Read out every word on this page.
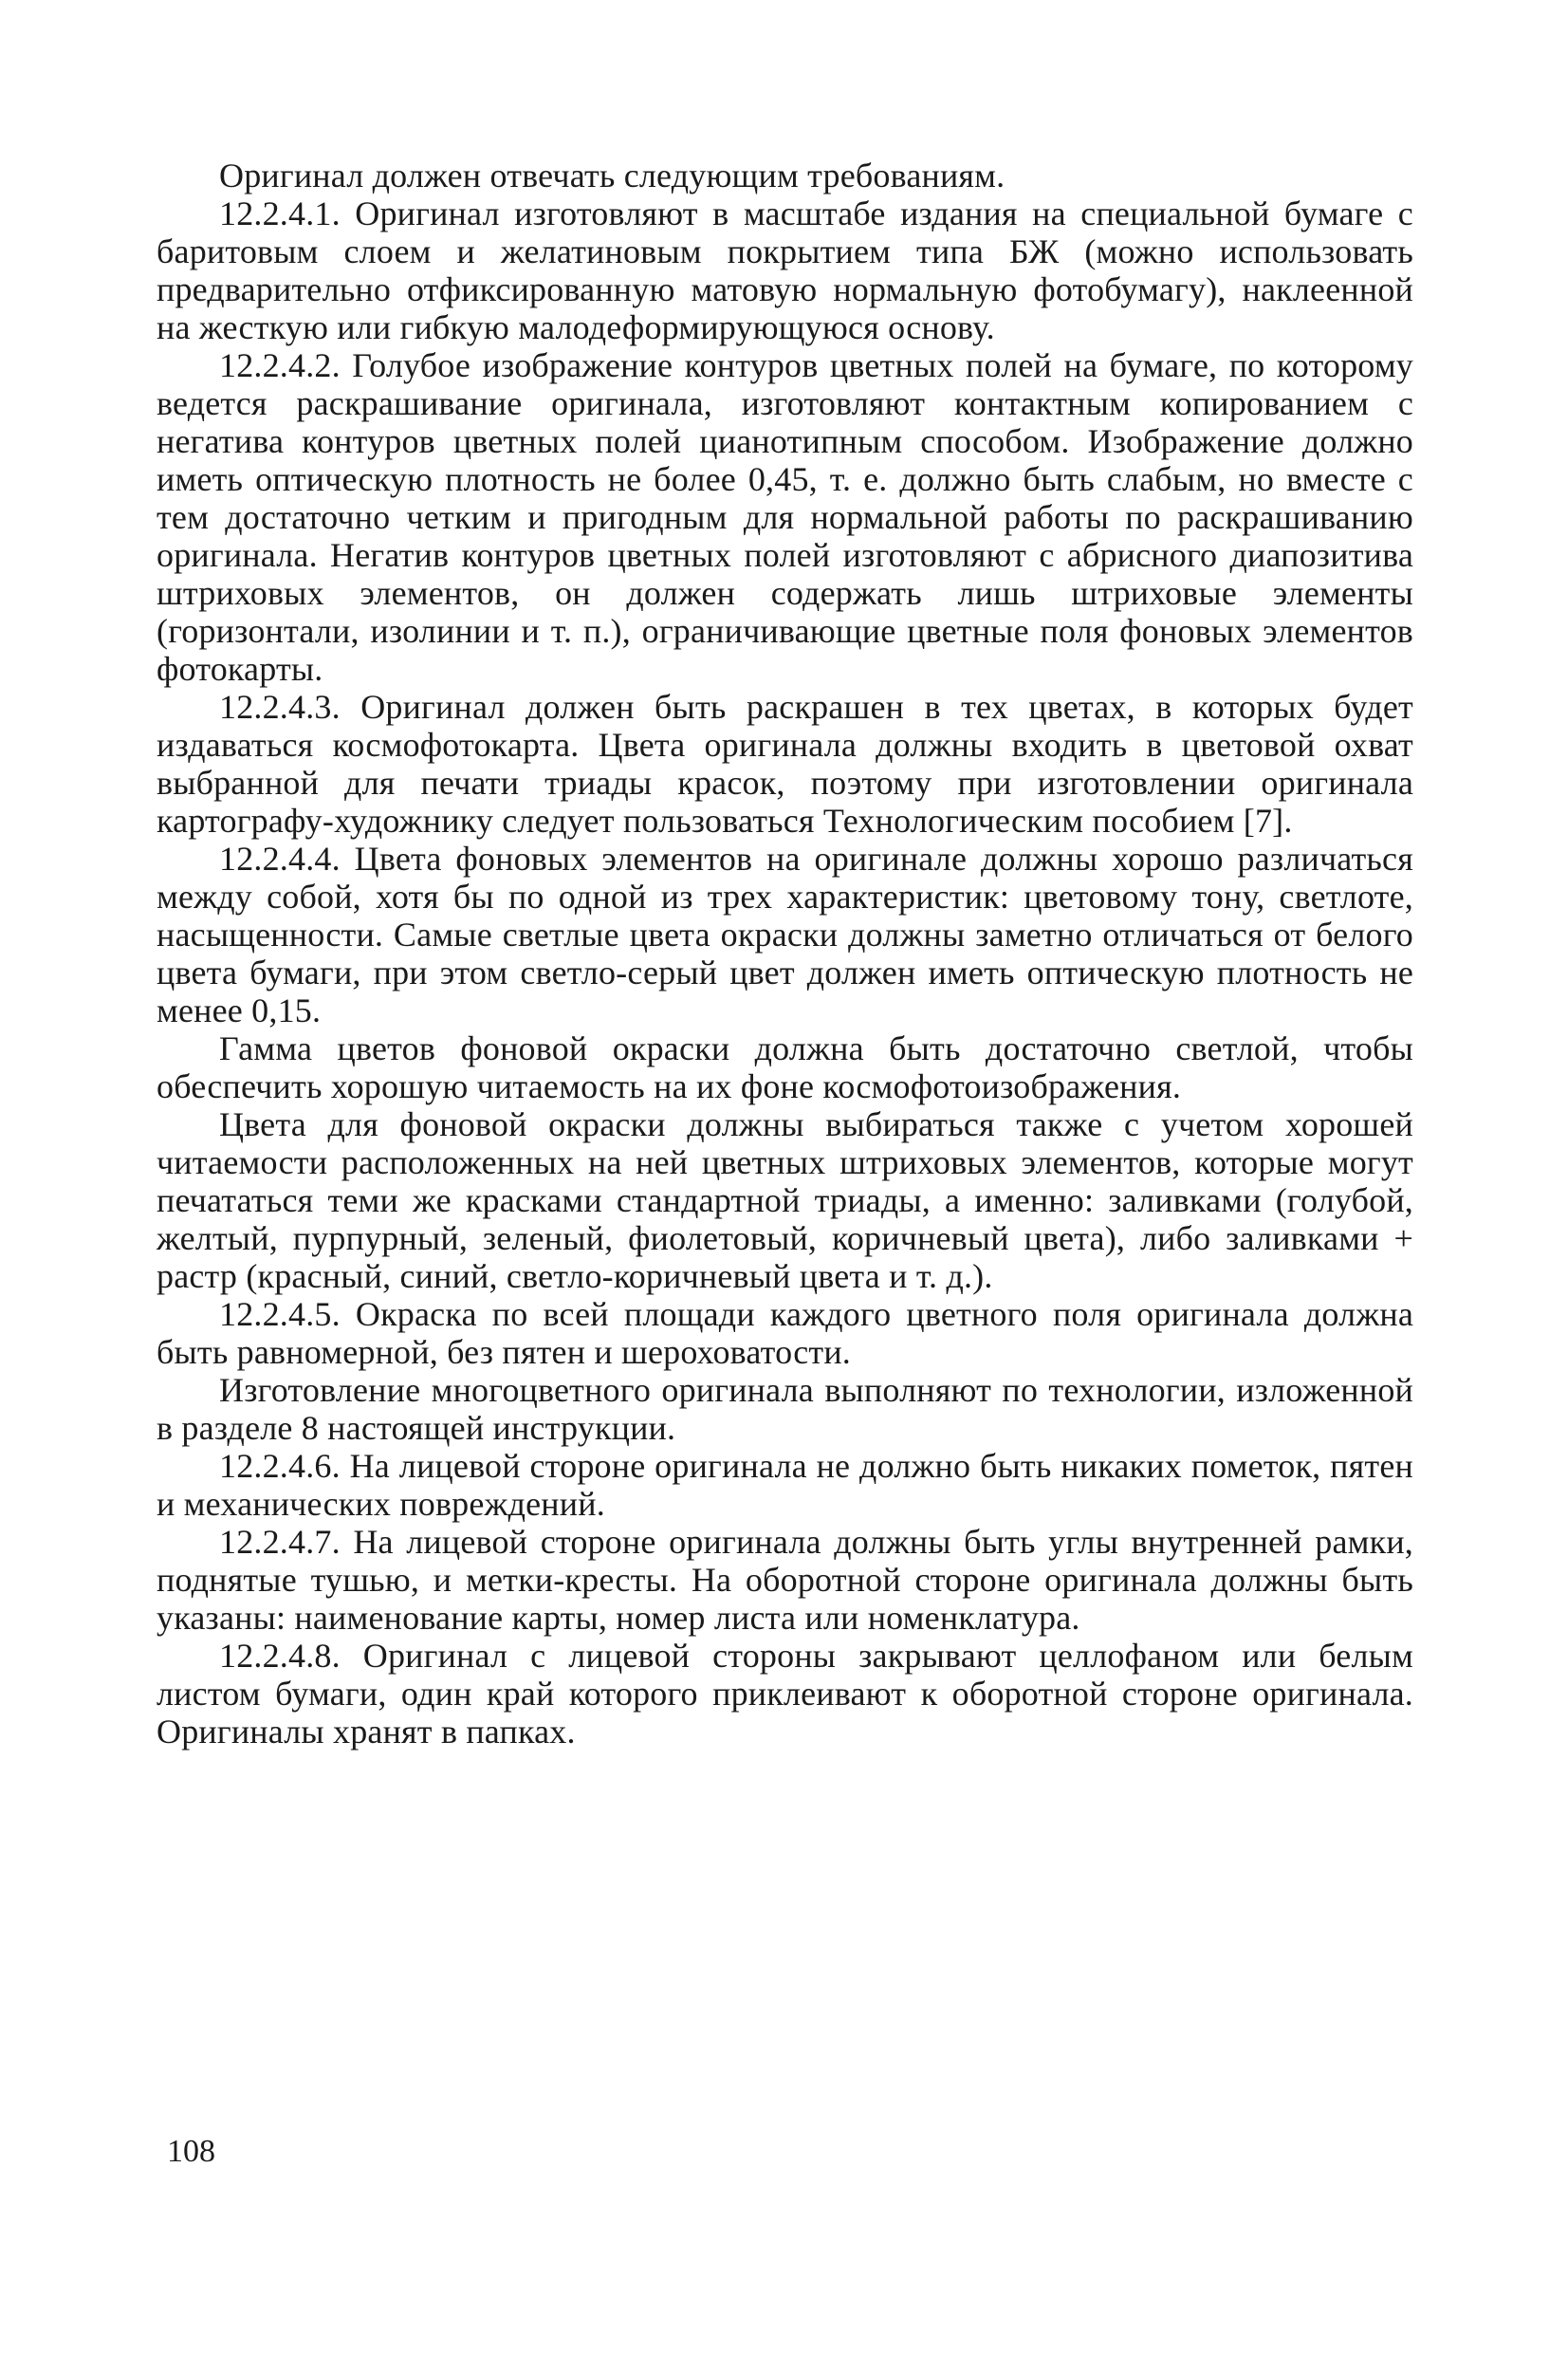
Оригинал должен отвечать следующим требованиям.

12.2.4.1. Оригинал изготовляют в масштабе издания на специальной бумаге с баритовым слоем и желатиновым покрытием типа БЖ (можно использовать предварительно отфиксированную матовую нормальную фотобумагу), наклеенной на жесткую или гибкую малодеформирующуюся основу.

12.2.4.2. Голубое изображение контуров цветных полей на бумаге, по которому ведется раскрашивание оригинала, изготовляют контактным копированием с негатива контуров цветных полей цианотипным способом. Изображение должно иметь оптическую плотность не более 0,45, т. е. должно быть слабым, но вместе с тем достаточно четким и пригодным для нормальной работы по раскрашиванию оригинала. Негатив контуров цветных полей изготовляют с абрисного диапозитива штриховых элементов, он должен содержать лишь штриховые элементы (горизонтали, изолинии и т. п.), ограничивающие цветные поля фоновых элементов фотокарты.

12.2.4.3. Оригинал должен быть раскрашен в тех цветах, в которых будет издаваться космофотокарта. Цвета оригинала должны входить в цветовой охват выбранной для печати триады красок, поэтому при изготовлении оригинала картографу-художнику следует пользоваться Технологическим пособием [7].

12.2.4.4. Цвета фоновых элементов на оригинале должны хорошо различаться между собой, хотя бы по одной из трех характеристик: цветовому тону, светлоте, насыщенности. Самые светлые цвета окраски должны заметно отличаться от белого цвета бумаги, при этом светло-серый цвет должен иметь оптическую плотность не менее 0,15.

Гамма цветов фоновой окраски должна быть достаточно светлой, чтобы обеспечить хорошую читаемость на их фоне космофотоизображения.

Цвета для фоновой окраски должны выбираться также с учетом хорошей читаемости расположенных на ней цветных штриховых элементов, которые могут печататься теми же красками стандартной триады, а именно: заливками (голубой, желтый, пурпурный, зеленый, фиолетовый, коричневый цвета), либо заливками + растр (красный, синий, светло-коричневый цвета и т. д.).

12.2.4.5. Окраска по всей площади каждого цветного поля оригинала должна быть равномерной, без пятен и шероховатости.

Изготовление многоцветного оригинала выполняют по технологии, изложенной в разделе 8 настоящей инструкции.

12.2.4.6. На лицевой стороне оригинала не должно быть никаких пометок, пятен и механических повреждений.

12.2.4.7. На лицевой стороне оригинала должны быть углы внутренней рамки, поднятые тушью, и метки-кресты. На оборотной стороне оригинала должны быть указаны: наименование карты, номер листа или номенклатура.

12.2.4.8. Оригинал с лицевой стороны закрывают целлофаном или белым листом бумаги, один край которого приклеивают к оборотной стороне оригинала. Оригиналы хранят в папках.

108
